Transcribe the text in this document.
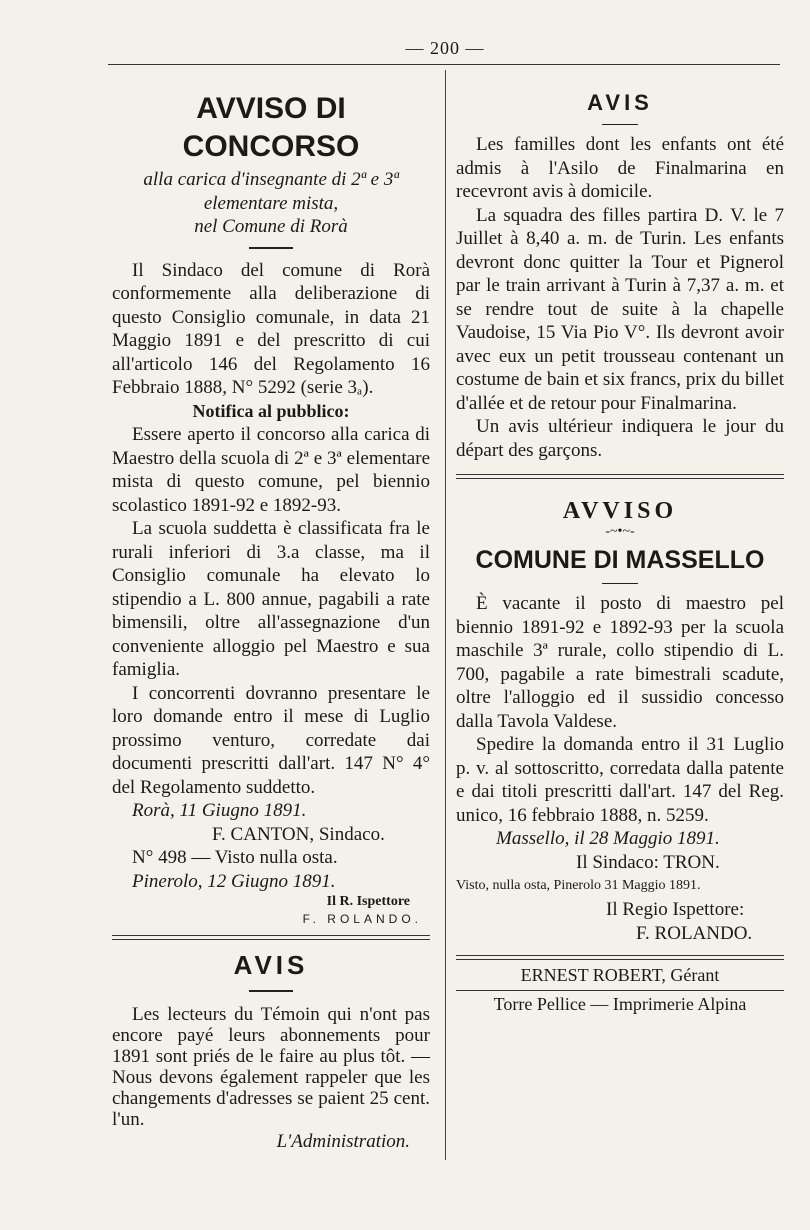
— 200 —
AVVISO DI CONCORSO

alla carica d'insegnante di 2ª e 3ª

elementare mista,

nel Comune di Rorà

Il Sindaco del comune di Rorà conformemente alla deliberazione di questo Consiglio comunale, in data 21 Maggio 1891 e del prescritto di cui all'articolo 146 del Regolamento 16 Febbraio 1888, N° 5292 (serie 3ₐ).

Notifica al pubblico:

Essere aperto il concorso alla carica di Maestro della scuola di 2ª e 3ª elementare mista di questo comune, pel biennio scolastico 1891-92 e 1892-93.

La scuola suddetta è classificata fra le rurali inferiori di 3.a classe, ma il Consiglio comunale ha elevato lo stipendio a L. 800 annue, pagabili a rate bimensili, oltre all'assegnazione d'un conveniente alloggio pel Maestro e sua famiglia.

I concorrenti dovranno presentare le loro domande entro il mese di Luglio prossimo venturo, corredate dai documenti prescritti dall'art. 147 N° 4° del Regolamento suddetto.

Rorà, 11 Giugno 1891.

F. CANTON, Sindaco.

N° 498 — Visto nulla osta.

Pinerolo, 12 Giugno 1891.

Il R. Ispettore

F. ROLANDO.

AVIS

Les lecteurs du Témoin qui n'ont pas encore payé leurs abonnements pour 1891 sont priés de le faire au plus tôt. — Nous devons également rappeler que les changements d'adresses se paient 25 cent. l'un.

L'Administration.

AVIS

Les familles dont les enfants ont été admis à l'Asilo de Finalmarina en recevront avis à domicile.

La squadra des filles partira D. V. le 7 Juillet à 8,40 a. m. de Turin. Les enfants devront donc quitter la Tour et Pignerol par le train arrivant à Turin à 7,37 a. m. et se rendre tout de suite à la chapelle Vaudoise, 15 Via Pio V°. Ils devront avoir avec eux un petit trousseau contenant un costume de bain et six francs, prix du billet d'allée et de retour pour Finalmarina.

Un avis ultérieur indiquera le jour du départ des garçons.

AVVISO
-~•~-
COMUNE DI MASSELLO

È vacante il posto di maestro pel biennio 1891-92 e 1892-93 per la scuola maschile 3ª rurale, collo stipendio di L. 700, pagabile a rate bimestrali scadute, oltre l'alloggio ed il sussidio concesso dalla Tavola Valdese.

Spedire la domanda entro il 31 Luglio p. v. al sottoscritto, corredata dalla patente e dai titoli prescritti dall'art. 147 del Reg. unico, 16 febbraio 1888, n. 5259.

Massello, il 28 Maggio 1891.

Il Sindaco: TRON.

Visto, nulla osta, Pinerolo 31 Maggio 1891.

Il Regio Ispettore:

F. ROLANDO.

ERNEST ROBERT, Gérant

Torre Pellice — Imprimerie Alpina
